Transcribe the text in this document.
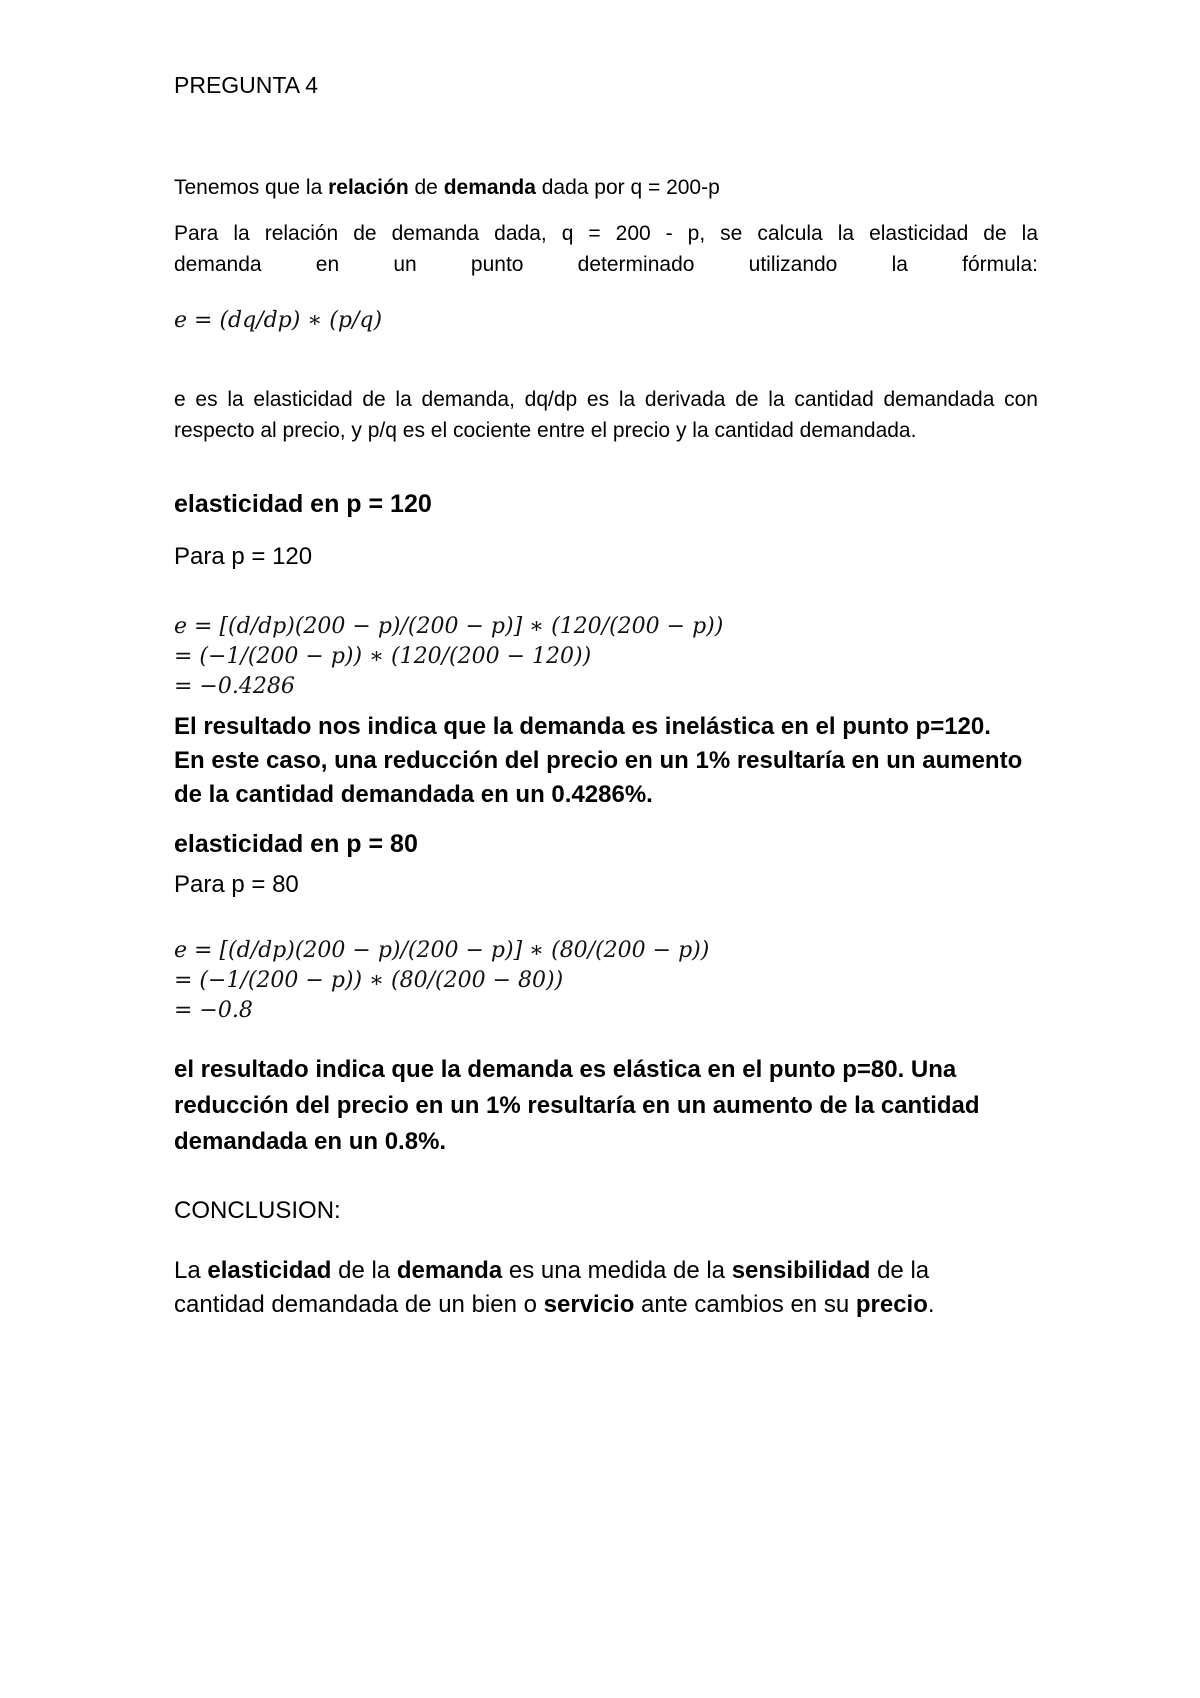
PREGUNTA 4

Tenemos que la relación de demanda dada por q = 200-p

Para la relación de demanda dada, q = 200 - p, se calcula la elasticidad de la
demanda en un punto determinado utilizando la fórmula:
e = (dq/dp) ∗ (p/q)

e es la elasticidad de la demanda, dq/dp es la derivada de la cantidad demandada con respecto al precio, y p/q es el cociente entre el precio y la cantidad demandada.

elasticidad en p = 120
Para p = 120
e = [(d/dp)(200 − p)/(200 − p)] ∗ (120/(200 − p))
= (−1/(200 − p)) ∗ (120/(200 − 120))
= −0.4286

El resultado nos indica que la demanda es inelástica en el punto p=120. En este caso, una reducción del precio en un 1% resultaría en un aumento de la cantidad demandada en un 0.4286%.

elasticidad en p = 80
Para p = 80
e = [(d/dp)(200 − p)/(200 − p)] ∗ (80/(200 − p))
= (−1/(200 − p)) ∗ (80/(200 − 80))
= −0.8

el resultado indica que la demanda es elástica en el punto p=80. Una reducción del precio en un 1% resultaría en un aumento de la cantidad demandada en un 0.8%.

CONCLUSION:

La elasticidad de la demanda es una medida de la sensibilidad de la cantidad demandada de un bien o servicio ante cambios en su precio.
